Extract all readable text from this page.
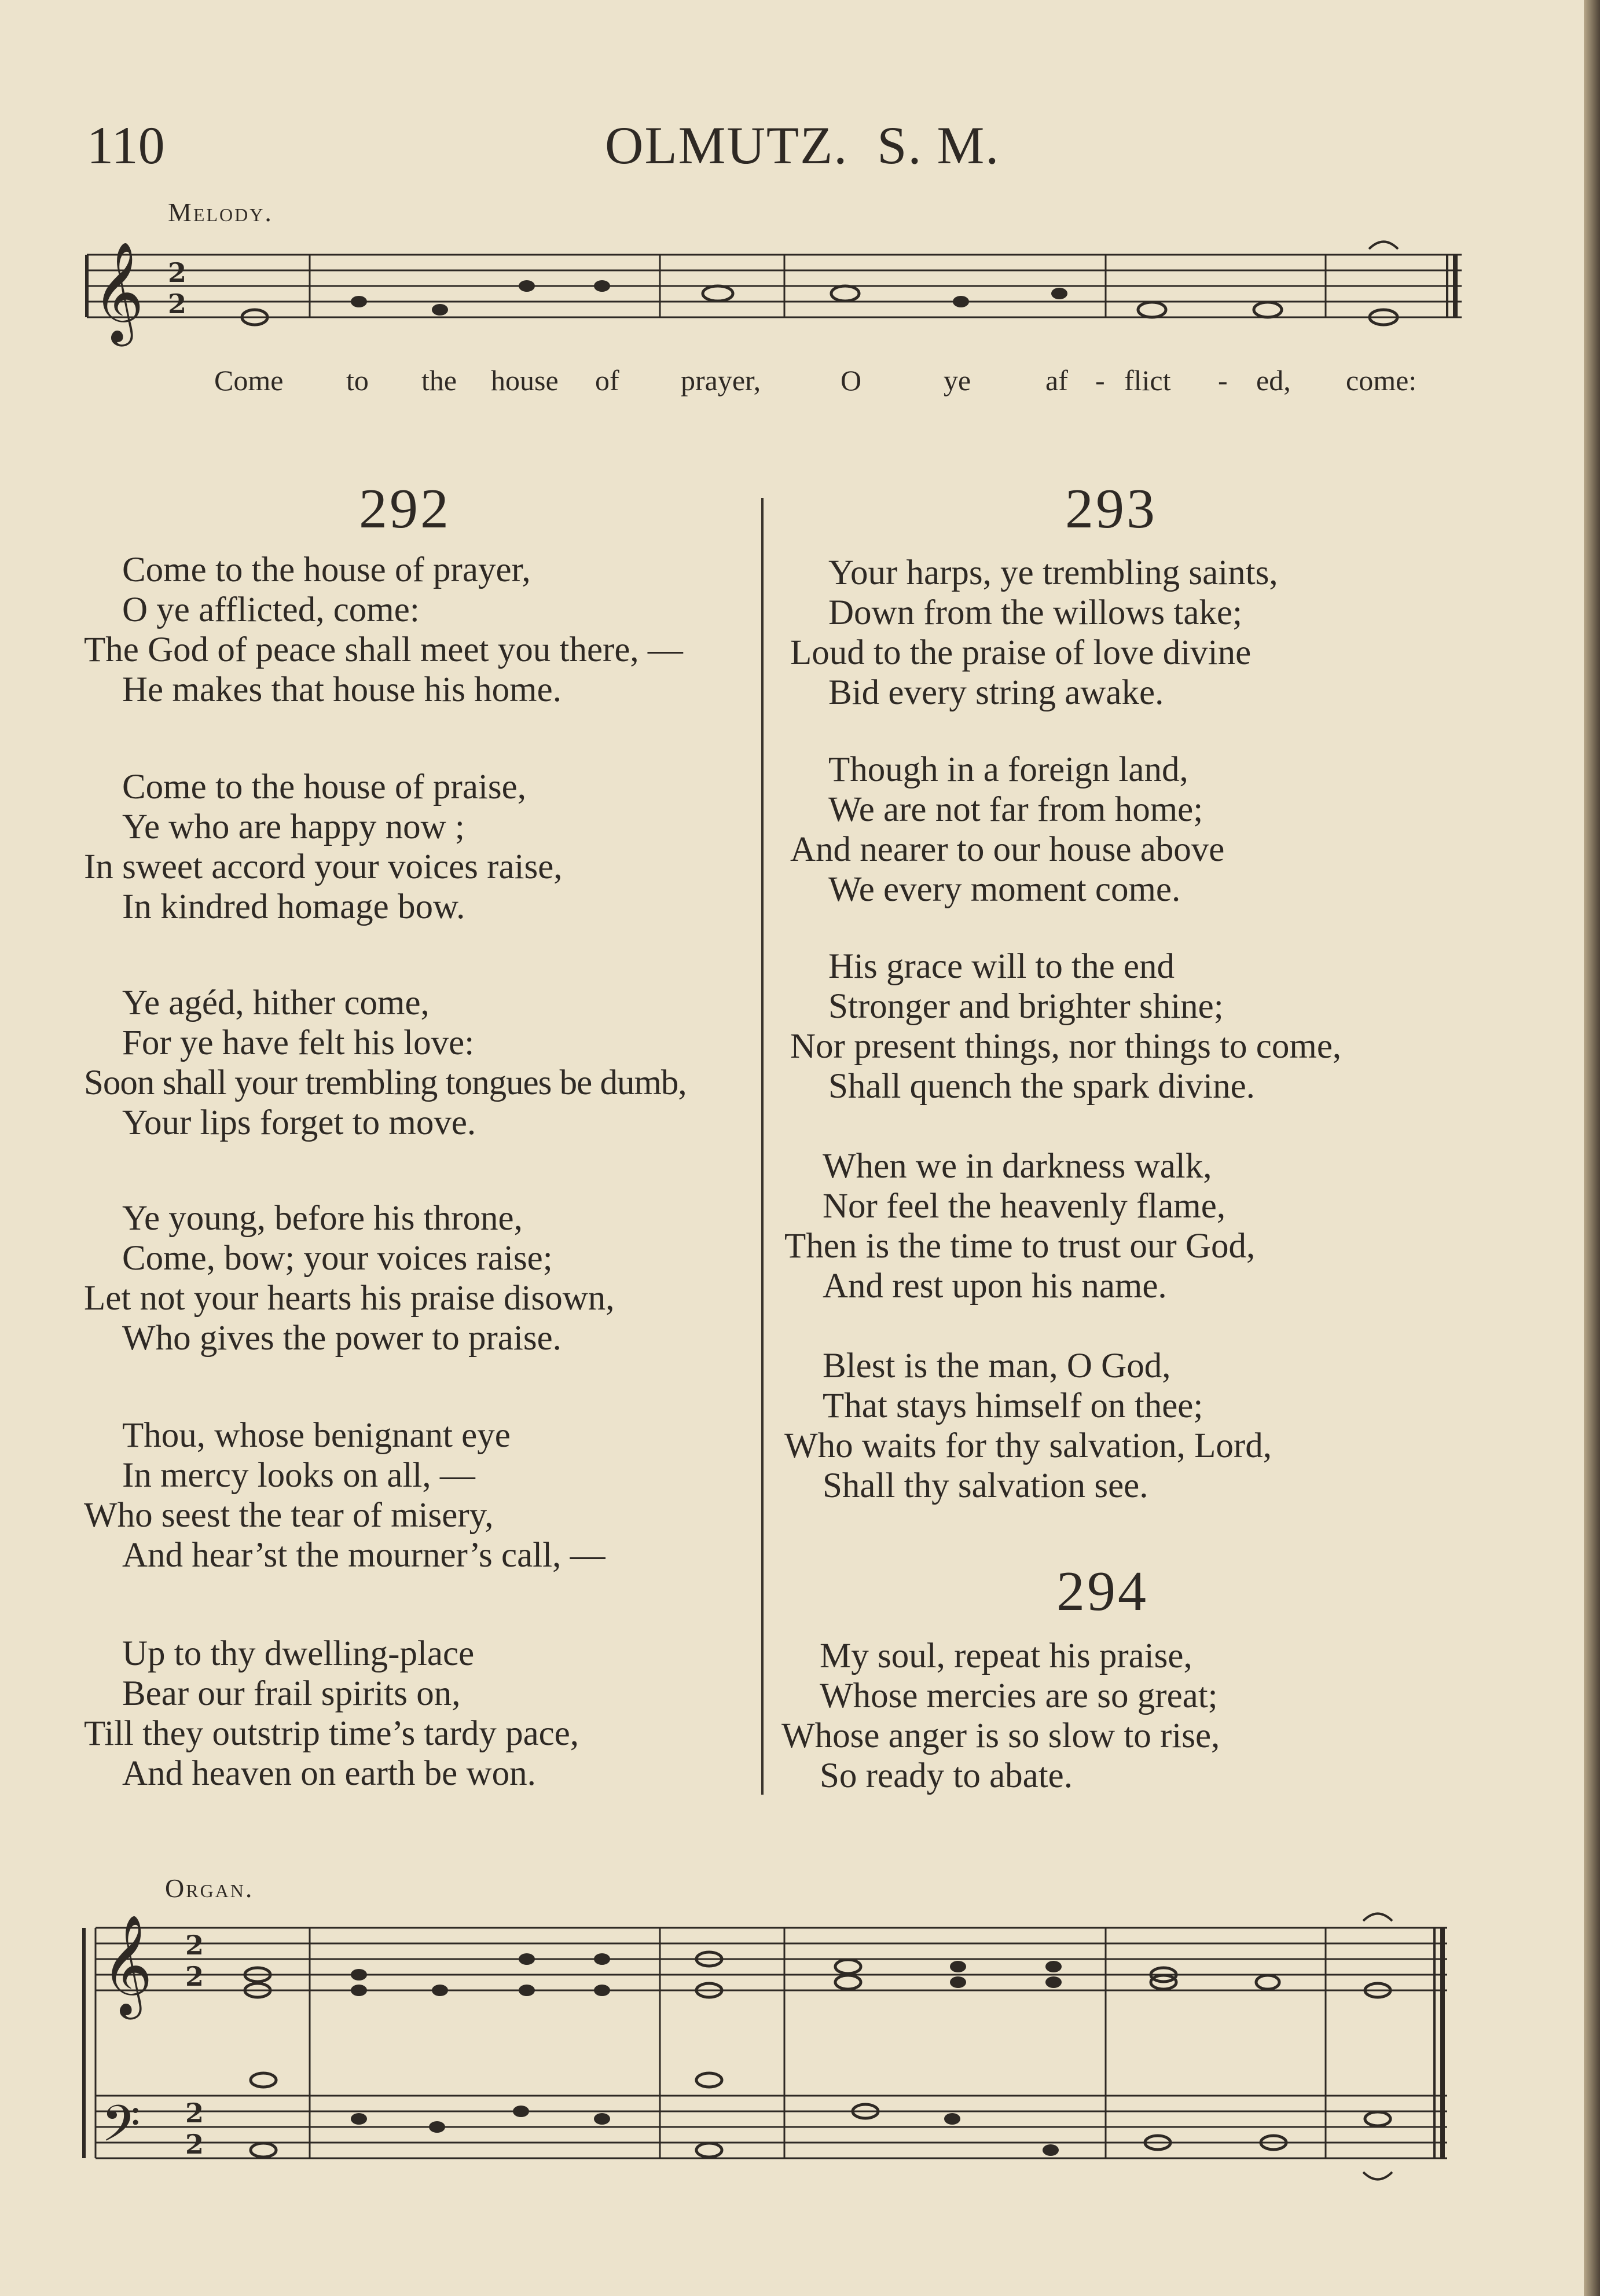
110	OLMUTZ. S. M.
Melody.
𝄞 2
2
𝄞
𝄢
2
2
2
2
Come to the house of prayer,	O	ye	af - flict - ed, come:
292
Come to the house of prayer,
O ye afflicted, come:
The God of peace shall meet you there, —
He makes that house his home.
Come to the house of praise,
Ye who are happy now ;
In sweet accord your voices raise,
In kindred homage bow.
Ye agéd, hither come,
For ye have felt his love:
Soon shall your trembling tongues be dumb,
Your lips forget to move.
Ye young, before his throne,
Come, bow; your voices raise;
Let not your hearts his praise disown,
Who gives the power to praise.
Thou, whose benignant eye
In mercy looks on all, —
Who seest the tear of misery,
And hear’st the mourner’s call, —
Up to thy dwelling-place
Bear our frail spirits on,
Till they outstrip time’s tardy pace,
And heaven on earth be won.
293
Your harps, ye trembling saints,
Down from the willows take;
Loud to the praise of love divine
Bid every string awake.
Though in a foreign land,
We are not far from home;
And nearer to our house above
We every moment come.
His grace will to the end
Stronger and brighter shine;
Nor present things, nor things to come,
Shall quench the spark divine.
When we in darkness walk,
Nor feel the heavenly flame,
Then is the time to trust our God,
And rest upon his name.
Blest is the man, O God,
That stays himself on thee;
Who waits for thy salvation, Lord,
Shall thy salvation see.
294
My soul, repeat his praise,
Whose mercies are so great;
Whose anger is so slow to rise,
So ready to abate.
Organ.
